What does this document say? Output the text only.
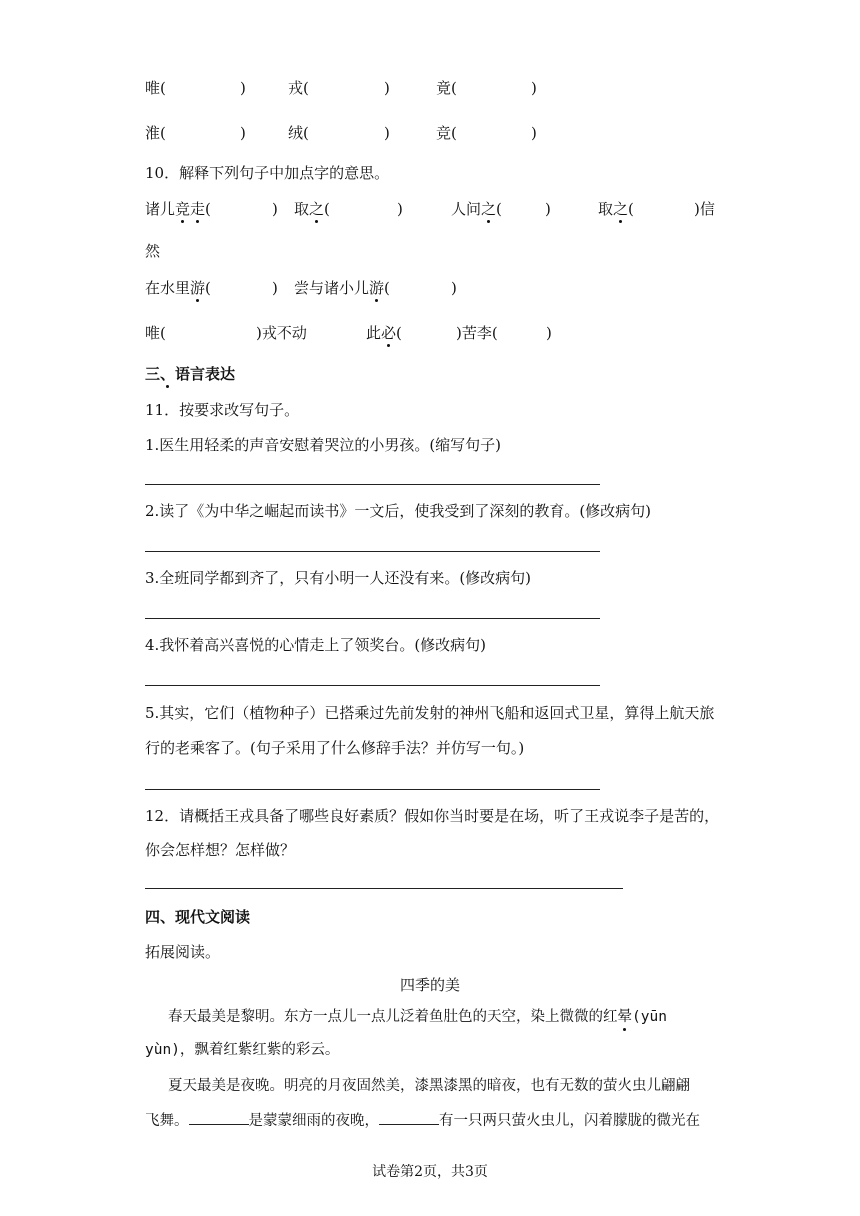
唯(	)	戎(	)	竟(	)
淮(	)	绒(	)	竞(	)
10．解释下列句子中加点字的意思。
诸儿竞走(	) 取之(	)	人问之(	)	取之(	)信
然
在水里游(	) 尝与诸小儿游(	)
唯(	)戎不动	此必(	)苦李(	)
三、语言表达
11．按要求改写句子。
1.医生用轻柔的声音安慰着哭泣的小男孩。(缩写句子)
2.读了《为中华之崛起而读书》一文后，使我受到了深刻的教育。(修改病句)
3.全班同学都到齐了，只有小明一人还没有来。(修改病句)
4.我怀着高兴喜悦的心情走上了领奖台。(修改病句)
5.其实，它们（植物种子）已搭乘过先前发射的神州飞船和返回式卫星，算得上航天旅
行的老乘客了。(句子采用了什么修辞手法？并仿写一句。)
12．请概括王戎具备了哪些良好素质？假如你当时要是在场，听了王戎说李子是苦的，
你会怎样想？怎样做？
四、现代文阅读
拓展阅读。
四季的美
春天最美是黎明。东方一点儿一点儿泛着鱼肚色的天空，染上微微的红晕(yūn
yùn)，飘着红紫红紫的彩云。
夏天最美是夜晚。明亮的月夜固然美，漆黑漆黑的暗夜，也有无数的萤火虫儿翩翩
飞舞。	是蒙蒙细雨的夜晚，	有一只两只萤火虫儿，闪着朦胧的微光在
试卷第2页，共3页
